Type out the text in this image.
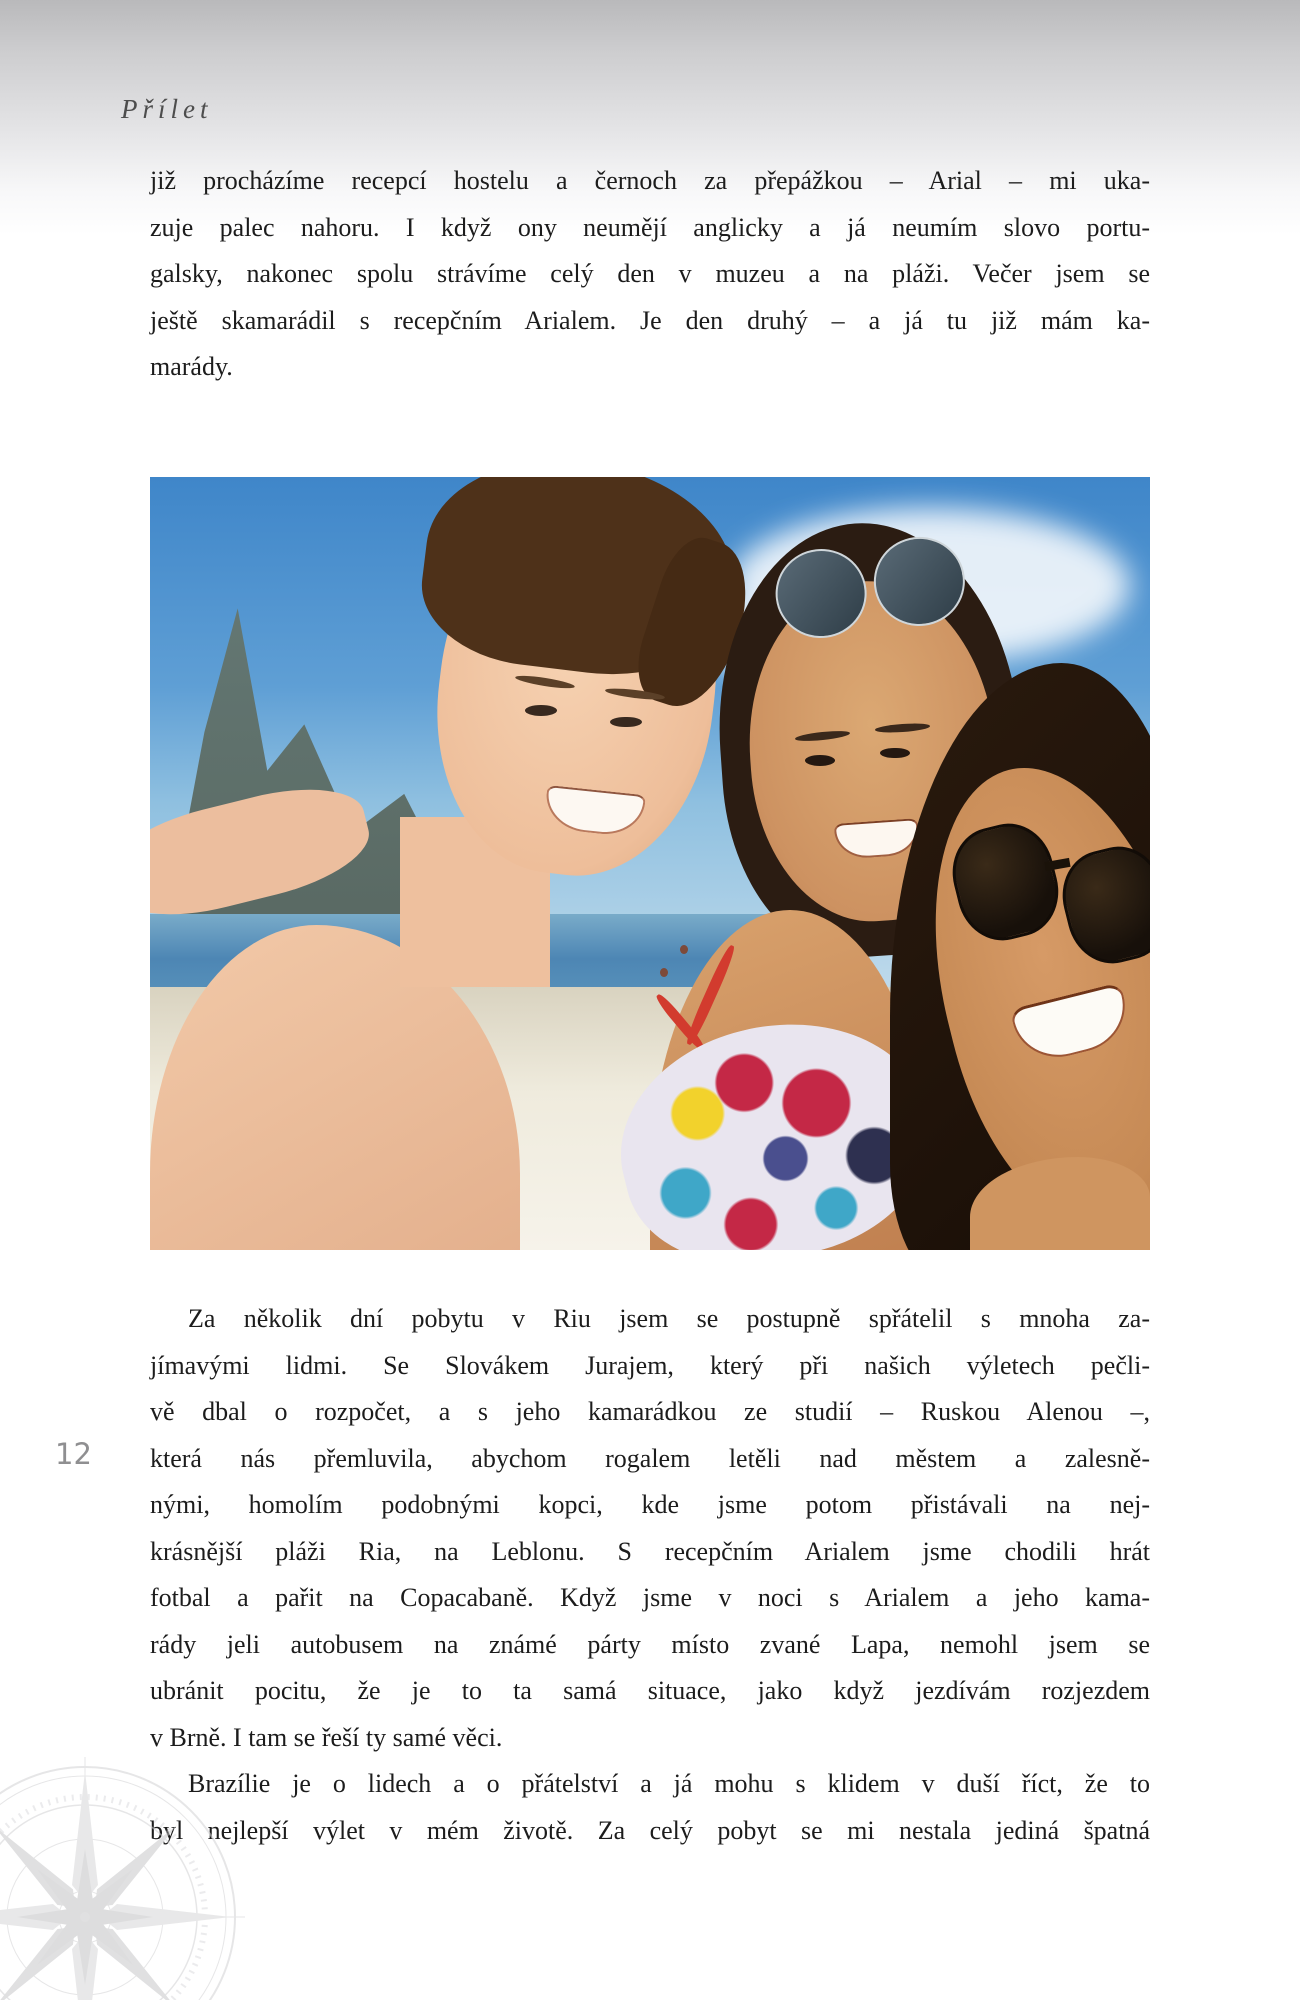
Přílet
již procházíme recepcí hostelu a černoch za přepážkou – Arial – mi uka-
zuje palec nahoru. I když ony neumějí anglicky a já neumím slovo portu-
galsky, nakonec spolu strávíme celý den v muzeu a na pláži. Večer jsem se
ještě skamarádil s recepčním Arialem. Je den druhý – a já tu již mám ka-
marády.
12
Za několik dní pobytu v Riu jsem se postupně spřátelil s mnoha za-
jímavými lidmi. Se Slovákem Jurajem, který při našich výletech pečli-
vě dbal o rozpočet, a s jeho kamarádkou ze studií – Ruskou Alenou –,
která nás přemluvila, abychom rogalem letěli nad městem a zalesně-
nými, homolím podobnými kopci, kde jsme potom přistávali na nej-
krásnější pláži Ria, na Leblonu. S recepčním Arialem jsme chodili hrát
fotbal a pařit na Copacabaně. Když jsme v noci s Arialem a jeho kama-
rády jeli autobusem na známé párty místo zvané Lapa, nemohl jsem se
ubránit pocitu, že je to ta samá situace, jako když jezdívám rozjezdem
v Brně. I tam se řeší ty samé věci.
Brazílie je o lidech a o přátelství a já mohu s klidem v duší říct, že to
byl nejlepší výlet v mém životě. Za celý pobyt se mi nestala jediná špatná
